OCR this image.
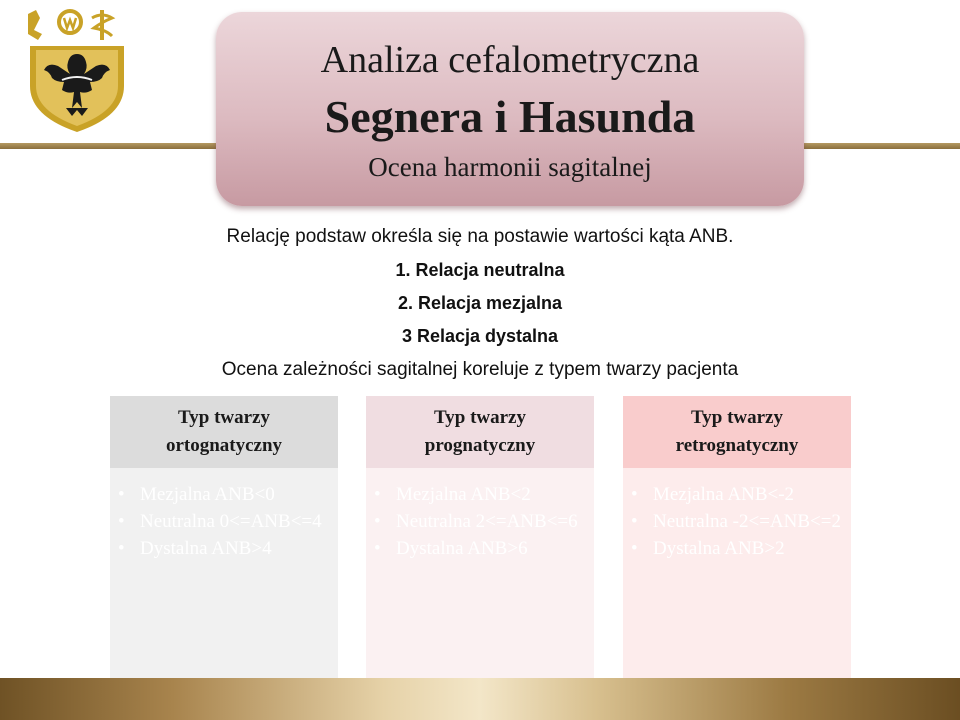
Analiza cefalometryczna
Segnera i Hasunda
Ocena harmonii sagitalnej
Relację podstaw określa się na postawie wartości kąta ANB.
1. Relacja neutralna
2. Relacja mezjalna
3 Relacja dystalna
Ocena zależności sagitalnej koreluje z typem twarzy pacjenta
Typ twarzy
ortognatyczny
• Mezjalna ANB<0
• Neutralna 0<=ANB<=4
• Dystalna ANB>4
Typ twarzy
prognatyczny
• Mezjalna ANB<2
• Neutralna 2<=ANB<=6
• Dystalna ANB>6
Typ twarzy
retrognatyczny
• Mezjalna ANB<-2
• Neutralna -2<=ANB<=2
• Dystalna ANB>2
